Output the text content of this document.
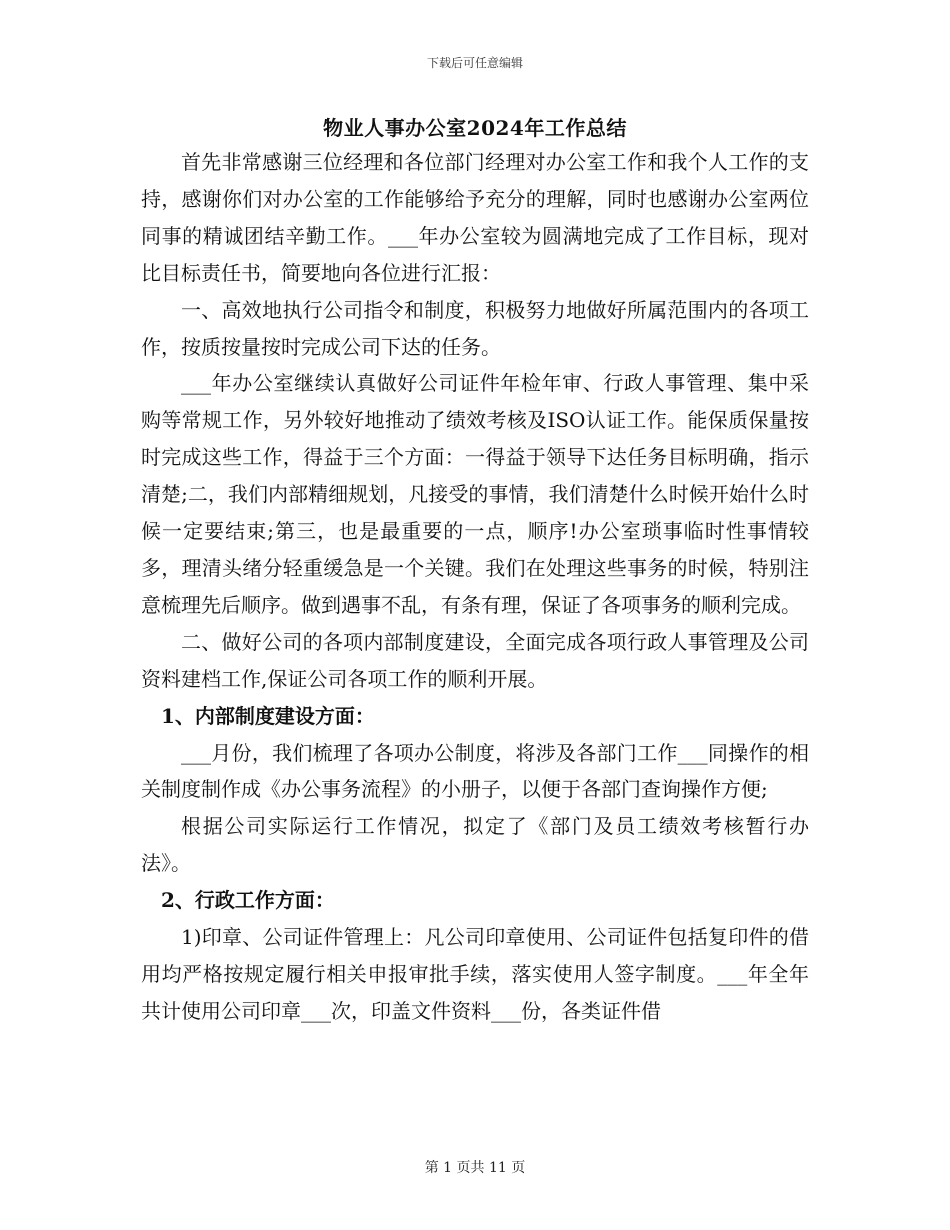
下载后可任意编辑
物业人事办公室2024年工作总结

首先非常感谢三位经理和各位部门经理对办公室工作和我个人工作的支持，感谢你们对办公室的工作能够给予充分的理解，同时也感谢办公室两位同事的精诚团结辛勤工作。___年办公室较为圆满地完成了工作目标，现对比目标责任书，简要地向各位进行汇报：

一、高效地执行公司指令和制度，积极努力地做好所属范围内的各项工作，按质按量按时完成公司下达的任务。

___年办公室继续认真做好公司证件年检年审、行政人事管理、集中采购等常规工作，另外较好地推动了绩效考核及ISO认证工作。能保质保量按时完成这些工作，得益于三个方面：一得益于领导下达任务目标明确，指示清楚;二，我们内部精细规划，凡接受的事情，我们清楚什么时候开始什么时候一定要结束;第三，也是最重要的一点，顺序!办公室琐事临时性事情较多，理清头绪分轻重缓急是一个关键。我们在处理这些事务的时候，特别注意梳理先后顺序。做到遇事不乱，有条有理，保证了各项事务的顺利完成。

二、做好公司的各项内部制度建设，全面完成各项行政人事管理及公司资料建档工作,保证公司各项工作的顺利开展。

1、内部制度建设方面：

___月份，我们梳理了各项办公制度，将涉及各部门工作___同操作的相关制度制作成《办公事务流程》的小册子，以便于各部门查询操作方便;

根据公司实际运行工作情况，拟定了《部门及员工绩效考核暂行办法》。

2、行政工作方面：

1)印章、公司证件管理上：凡公司印章使用、公司证件包括复印件的借用均严格按规定履行相关申报审批手续，落实使用人签字制度。___年全年共计使用公司印章___次，印盖文件资料___份，各类证件借

第 1 页共 11 页
